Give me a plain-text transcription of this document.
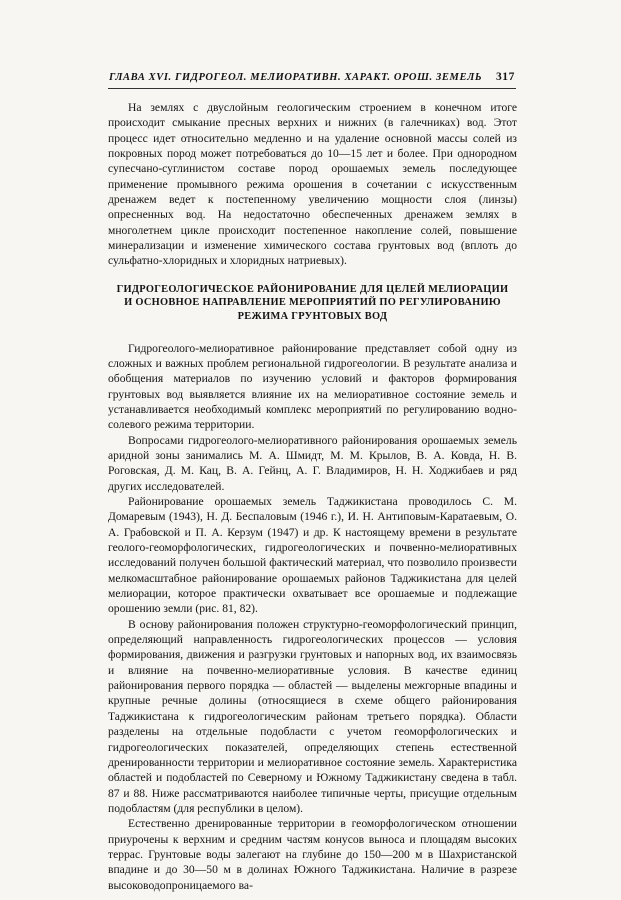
ГЛАВА XVI. ГИДРОГЕОЛ. МЕЛИОРАТИВН. ХАРАКТ. ОРОШ. ЗЕМЕЛЬ 317

На землях с двуслойным геологическим строением в конечном итоге происходит смыкание пресных верхних и нижних (в галечниках) вод. Этот процесс идет относительно медленно и на удаление основной массы солей из покровных пород может потребоваться до 10—15 лет и более. При однородном супесчано-суглинистом составе пород орошаемых земель последующее применение промывного режима орошения в сочетании с искусственным дренажем ведет к постепенному увеличению мощности слоя (линзы) опресненных вод. На недостаточно обеспеченных дренажем землях в многолетнем цикле происходит постепенное накопление солей, повышение минерализации и изменение химического состава грунтовых вод (вплоть до сульфатно-хлоридных и хлоридных натриевых).

ГИДРОГЕОЛОГИЧЕСКОЕ РАЙОНИРОВАНИЕ ДЛЯ ЦЕЛЕЙ МЕЛИОРАЦИИ
И ОСНОВНОЕ НАПРАВЛЕНИЕ МЕРОПРИЯТИЙ ПО РЕГУЛИРОВАНИЮ
РЕЖИМА ГРУНТОВЫХ ВОД

Гидрогеолого-мелиоративное районирование представляет собой одну из сложных и важных проблем региональной гидрогеологии. В результате анализа и обобщения материалов по изучению условий и факторов формирования грунтовых вод выявляется влияние их на мелиоративное состояние земель и устанавливается необходимый комплекс мероприятий по регулированию водно-солевого режима территории.

Вопросами гидрогеолого-мелиоративного районирования орошаемых земель аридной зоны занимались М. А. Шмидт, М. М. Крылов, В. А. Ковда, Н. В. Роговская, Д. М. Кац, В. А. Гейнц, А. Г. Владимиров, Н. Н. Ходжибаев и ряд других исследователей.

Районирование орошаемых земель Таджикистана проводилось С. М. Домаревым (1943), Н. Д. Беспаловым (1946 г.), И. Н. Антиповым-Каратаевым, О. А. Грабовской и П. А. Керзум (1947) и др. К настоящему времени в результате геолого-геоморфологических, гидрогеологических и почвенно-мелиоративных исследований получен большой фактический материал, что позволило произвести мелкомасштабное районирование орошаемых районов Таджикистана для целей мелиорации, которое практически охватывает все орошаемые и подлежащие орошению земли (рис. 81, 82).

В основу районирования положен структурно-геоморфологический принцип, определяющий направленность гидрогеологических процессов — условия формирования, движения и разгрузки грунтовых и напорных вод, их взаимосвязь и влияние на почвенно-мелиоративные условия. В качестве единиц районирования первого порядка — областей — выделены межгорные впадины и крупные речные долины (относящиеся в схеме общего районирования Таджикистана к гидрогеологическим районам третьего порядка). Области разделены на отдельные подобласти с учетом геоморфологических и гидрогеологических показателей, определяющих степень естественной дренированности территории и мелиоративное состояние земель. Характеристика областей и подобластей по Северному и Южному Таджикистану сведена в табл. 87 и 88. Ниже рассматриваются наиболее типичные черты, присущие отдельным подобластям (для республики в целом).

Естественно дренированные территории в геоморфологическом отношении приурочены к верхним и средним частям конусов выноса и площадям высоких террас. Грунтовые воды залегают на глубине до 150—200 м в Шахристанской впадине и до 30—50 м в долинах Южного Таджикистана. Наличие в разрезе высоководопроницаемого ва-
